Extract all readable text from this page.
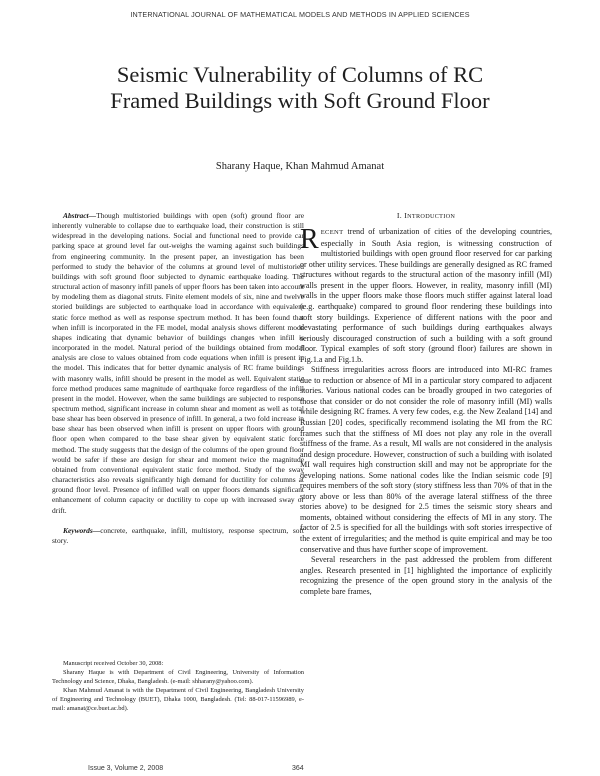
INTERNATIONAL JOURNAL OF MATHEMATICAL MODELS AND METHODS IN APPLIED SCIENCES
Seismic Vulnerability of Columns of RC
Framed Buildings with Soft Ground Floor
Sharany Haque, Khan Mahmud Amanat

Abstract—Though multistoried buildings with open (soft) ground floor are inherently vulnerable to collapse due to earthquake load, their construction is still widespread in the developing nations. Social and functional need to provide car parking space at ground level far out-weighs the warning against such buildings from engineering community. In the present paper, an investigation has been performed to study the behavior of the columns at ground level of multistoried buildings with soft ground floor subjected to dynamic earthquake loading. The structural action of masonry infill panels of upper floors has been taken into account by modeling them as diagonal struts. Finite element models of six, nine and twelve storied buildings are subjected to earthquake load in accordance with equivalent static force method as well as response spectrum method. It has been found that when infill is incorporated in the FE model, modal analysis shows different mode shapes indicating that dynamic behavior of buildings changes when infill is incorporated in the model. Natural period of the buildings obtained from modal analysis are close to values obtained from code equations when infill is present in the model. This indicates that for better dynamic analysis of RC frame buildings with masonry walls, infill should be present in the model as well. Equivalent static force method produces same magnitude of earthquake force regardless of the infill present in the model. However, when the same buildings are subjected to response spectrum method, significant increase in column shear and moment as well as total base shear has been observed in presence of infill. In general, a two fold increase in base shear has been observed when infill is present on upper floors with ground floor open when compared to the base shear given by equivalent static force method. The study suggests that the design of the columns of the open ground floor would be safer if these are design for shear and moment twice the magnitude obtained from conventional equivalent static force method. Study of the sway characteristics also reveals significantly high demand for ductility for columns at ground floor level. Presence of infilled wall on upper floors demands significant enhancement of column capacity or ductility to cope up with increased sway or drift.

Keywords—concrete, earthquake, infill, multistory, response spectrum, soft story.

Manuscript received October 30, 2008:

Sharany Haque is with Department of Civil Engineering, University of Information Technology and Science, Dhaka, Bangladesh. (e-mail: shharany@yahoo.com).

Khan Mahmud Amanat is with the Department of Civil Engineering, Bangladesh University of Engineering and Technology (BUET), Dhaka 1000, Bangladesh. (Tel: 88-017-11596989, e-mail: amanat@ce.buet.ac.bd).

I. INTRODUCTION

RECENT trend of urbanization of cities of the developing countries, especially in South Asia region, is witnessing construction of multistoried buildings with open ground floor reserved for car parking or other utility services. These buildings are generally designed as RC framed structures without regards to the structural action of the masonry infill (MI) walls present in the upper floors. However, in reality, masonry infill (MI) walls in the upper floors make those floors much stiffer against lateral load (e.g. earthquake) compared to ground floor rendering these buildings into soft story buildings. Experience of different nations with the poor and devastating performance of such buildings during earthquakes always seriously discouraged construction of such a building with a soft ground floor. Typical examples of soft story (ground floor) failures are shown in Fig.1.a and Fig.1.b.

Stiffness irregularities across floors are introduced into MI-RC frames due to reduction or absence of MI in a particular story compared to adjacent stories. Various national codes can be broadly grouped in two categories of those that consider or do not consider the role of masonry infill (MI) walls while designing RC frames. A very few codes, e.g. the New Zealand [14] and Russian [20] codes, specifically recommend isolating the MI from the RC frames such that the stiffness of MI does not play any role in the overall stiffness of the frame. As a result, MI walls are not considered in the analysis and design procedure. However, construction of such a building with isolated MI wall requires high construction skill and may not be appropriate for the developing nations. Some national codes like the Indian seismic code [9] requires members of the soft story (story stiffness less than 70% of that in the story above or less than 80% of the average lateral stiffness of the three stories above) to be designed for 2.5 times the seismic story shears and moments, obtained without considering the effects of MI in any story. The factor of 2.5 is specified for all the buildings with soft stories irrespective of the extent of irregularities; and the method is quite empirical and may be too conservative and thus have further scope of improvement.

Several researchers in the past addressed the problem from different angles. Research presented in [1] highlighted the importance of explicitly recognizing the presence of the open ground story in the analysis of the complete bare frames,

Issue 3, Volume 2, 2008	364
